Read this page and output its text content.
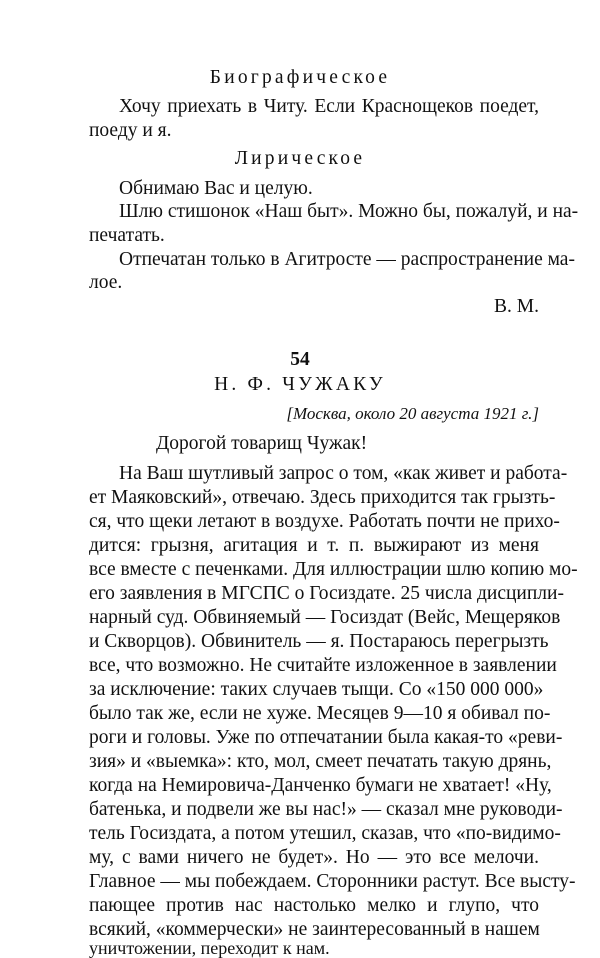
Биографическое
Хочу приехать в Читу. Если Краснощеков поедет,
поеду и я.
Лирическое
Обнимаю Вас и целую.
Шлю стишонок «Наш быт». Можно бы, пожалуй, и на-
печатать.
Отпечатан только в Агитросте — распространение ма-
лое.
В. М.
54
Н. Ф. ЧУЖАКУ
[Москва, около 20 августа 1921 г.]
Дорогой товарищ Чужак!
На Ваш шутливый запрос о том, «как живет и работа-
ет Маяковский», отвечаю. Здесь приходится так грызть-
ся, что щеки летают в воздухе. Работать почти не прихо-
дится: грызня, агитация и т. п. выжирают из меня
все вместе с печенками. Для иллюстрации шлю копию мо-
его заявления в МГСПС о Госиздате. 25 числа дисципли-
нарный суд. Обвиняемый — Госиздат (Вейс, Мещеряков
и Скворцов). Обвинитель — я. Постараюсь перегрызть
все, что возможно. Не считайте изложенное в заявлении
за исключение: таких случаев тыщи. Со «150 000 000»
было так же, если не хуже. Месяцев 9—10 я обивал по-
роги и головы. Уже по отпечатании была какая-то «реви-
зия» и «выемка»: кто, мол, смеет печатать такую дрянь,
когда на Немировича-Данченко бумаги не хватает! «Ну,
батенька, и подвели же вы нас!» — сказал мне руководи-
тель Госиздата, а потом утешил, сказав, что «по-видимо-
му, с вами ничего не будет». Но — это все мелочи.
Главное — мы побеждаем. Сторонники растут. Все высту-
пающее против нас настолько мелко и глупо, что
всякий, «коммерчески» не заинтересованный в нашем
уничтожении, переходит к нам.
